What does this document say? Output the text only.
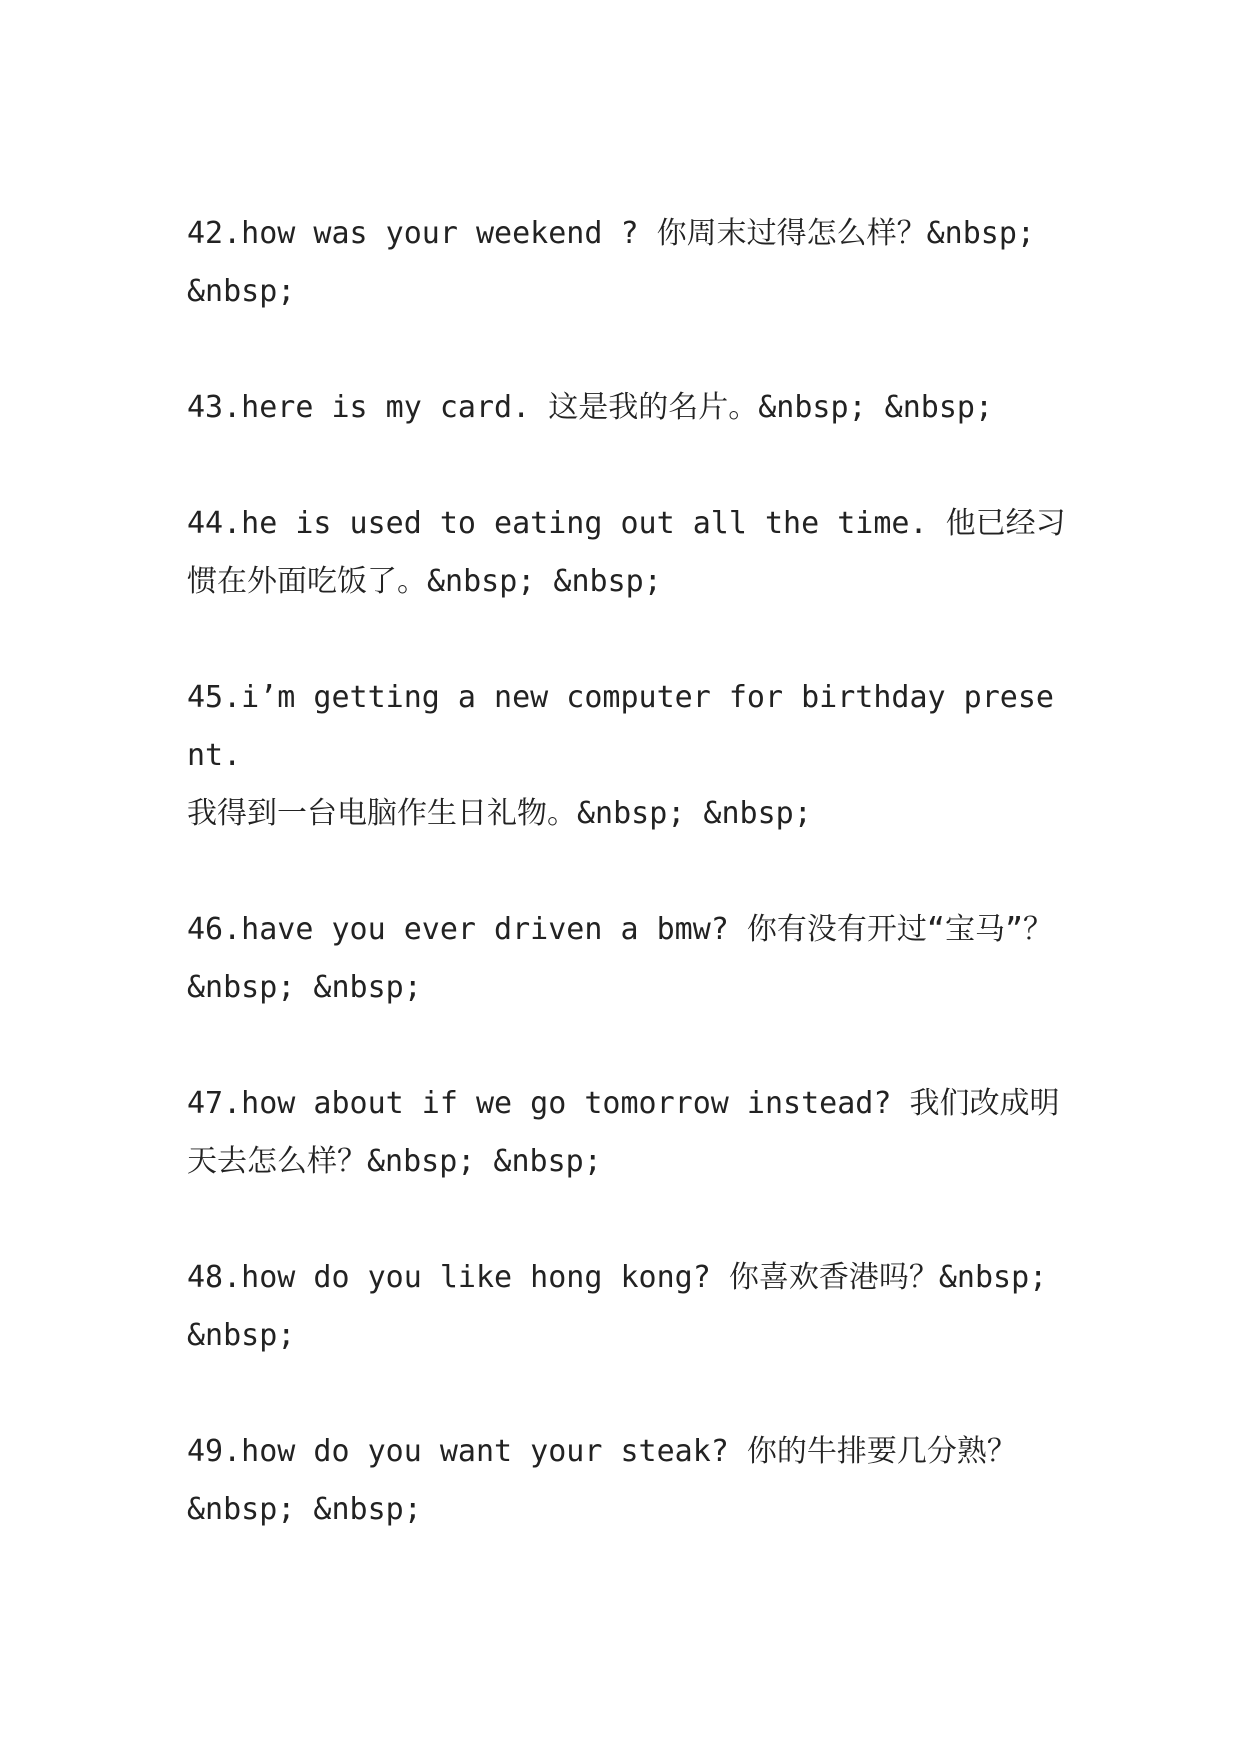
42.how was your weekend ? 你周末过得怎么样？&nbsp;
&nbsp;

43.here is my card. 这是我的名片。&nbsp; &nbsp;

44.he is used to eating out all the time. 他已经习
惯在外面吃饭了。&nbsp; &nbsp;

45.i’m getting a new computer for birthday present.
我得到一台电脑作生日礼物。&nbsp; &nbsp;

46.have you ever driven a bmw? 你有没有开过“宝马”？
&nbsp; &nbsp;

47.how about if we go tomorrow instead? 我们改成明
天去怎么样？&nbsp; &nbsp;

48.how do you like hong kong? 你喜欢香港吗？&nbsp;
&nbsp;

49.how do you want your steak? 你的牛排要几分熟？
&nbsp; &nbsp;
